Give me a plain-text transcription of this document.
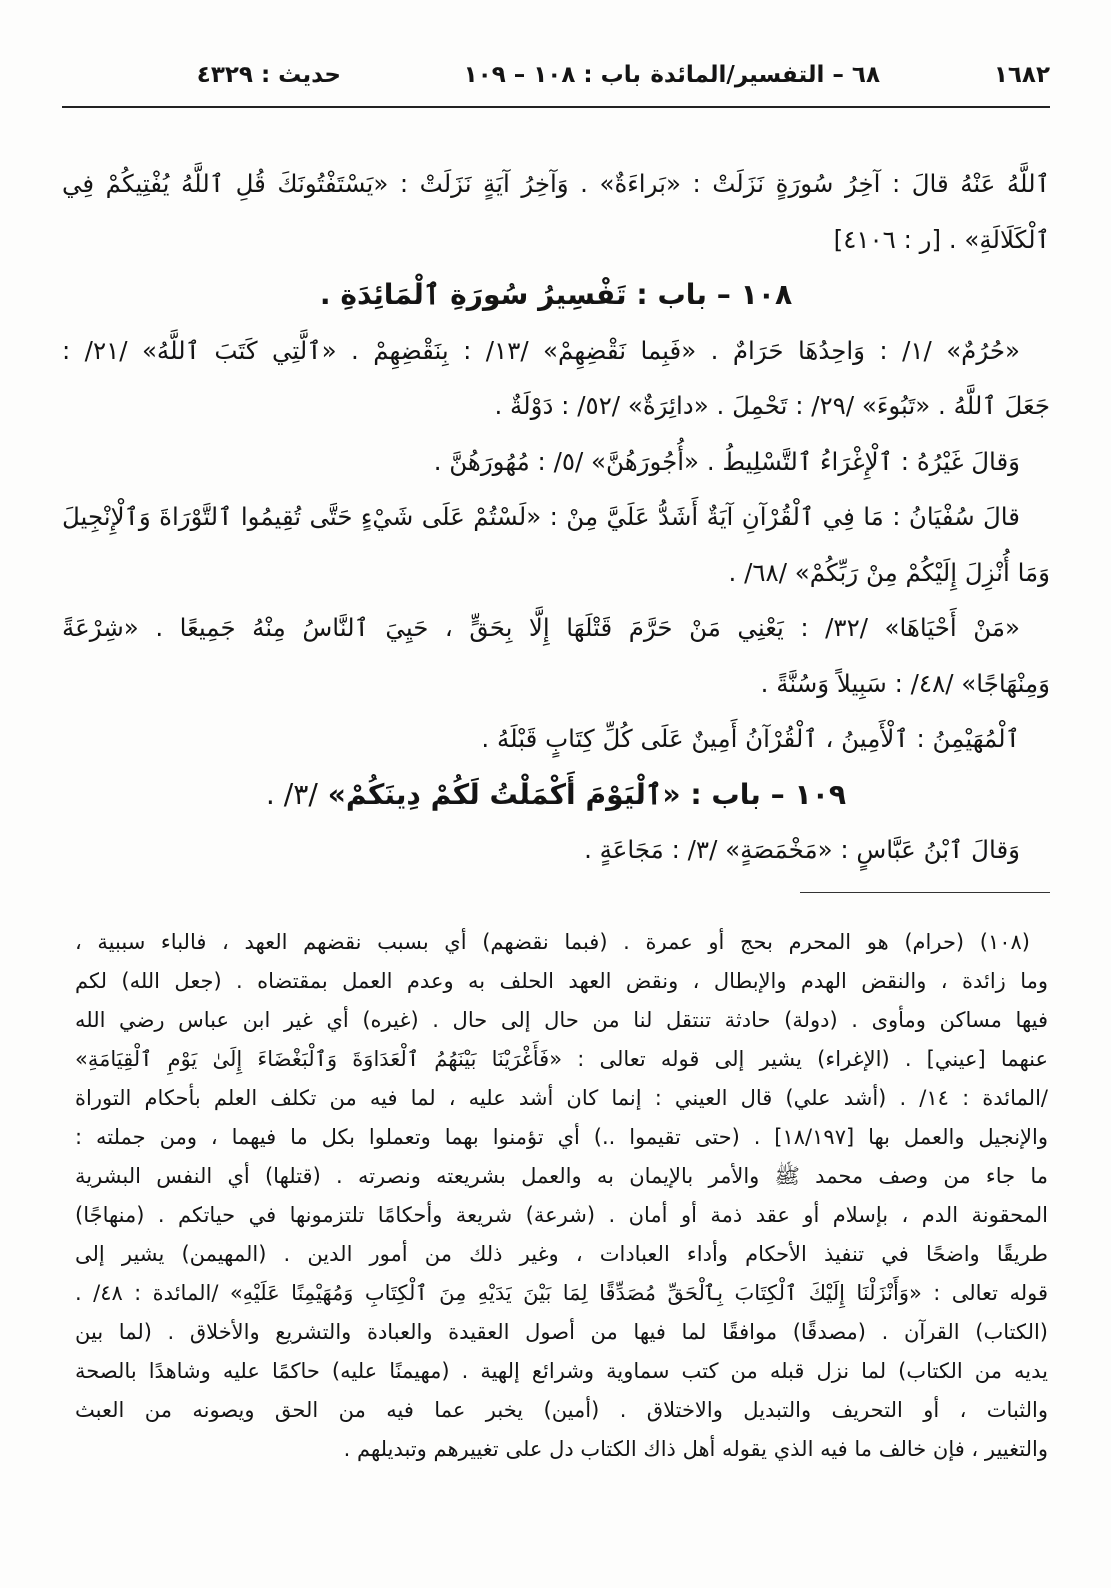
١٦٨٢
٦٨ – التفسير/المائدة
باب : ١٠٨ – ١٠٩
حديث : ٤٣٢٩
ٱللَّهُ عَنْهُ قالَ : آخِرُ سُورَةٍ نَزَلَتْ : «بَراءَةٌ» . وَآخِرُ آيَةٍ نَزَلَتْ : «يَسْتَفْتُونَكَ قُلِ ٱللَّهُ يُفْتِيكُمْ فِي
ٱلْكَلَالَةِ» . [ر : ٤١٠٦]
١٠٨ – باب : تَفْسِيرُ سُورَةِ ٱلْمَائِدَةِ .
«حُرُمٌ» /١/ : وَاحِدُهَا حَرَامٌ . «فَبِما نَقْضِهِمْ» /١٣/ : بِنَقْضِهِمْ . «ٱلَّتِي كَتَبَ ٱللَّهُ» /٢١/ :
جَعَلَ ٱللَّهُ . «تَبُوءَ» /٢٩/ : تَحْمِلَ . «دائِرَةٌ» /٥٢/ : دَوْلَةٌ .
وَقالَ غَيْرُهُ : ٱلْإِغْرَاءُ ٱلتَّسْلِيطُ . «أُجُورَهُنَّ» /٥/ : مُهُورَهُنَّ .
قالَ سُفْيَانُ : مَا فِي ٱلْقُرْآنِ آيَةٌ أَشَدُّ عَلَيَّ مِنْ : «لَسْتُمْ عَلَى شَيْءٍ حَتَّى تُقِيمُوا ٱلتَّوْرَاةَ وَٱلْإِنْجِيلَ
وَمَا أُنْزِلَ إِلَيْكُمْ مِنْ رَبِّكُمْ» /٦٨/ .
«مَنْ أَحْيَاهَا» /٣٢/ : يَعْنِي مَنْ حَرَّمَ قَتْلَهَا إِلَّا بِحَقٍّ ، حَيِيَ ٱلنَّاسُ مِنْهُ جَمِيعًا . «شِرْعَةً
وَمِنْهَاجًا» /٤٨/ : سَبِيلاً وَسُنَّةً .
ٱلْمُهَيْمِنُ : ٱلْأَمِينُ ، ٱلْقُرْآنُ أَمِينٌ عَلَى كُلِّ كِتَابٍ قَبْلَهُ .
١٠٩ – باب : «ٱلْيَوْمَ أَكْمَلْتُ لَكُمْ دِينَكُمْ» /٣/ .
وَقالَ ٱبْنُ عَبَّاسٍ : «مَخْمَصَةٍ» /٣/ : مَجَاعَةٍ .
(١٠٨) (حرام) هو المحرم بحج أو عمرة . (فبما نقضهم) أي بسبب نقضهم العهد ، فالباء سببية ،
وما زائدة ، والنقض الهدم والإبطال ، ونقض العهد الحلف به وعدم العمل بمقتضاه . (جعل الله) لكم
فيها مساكن ومأوى . (دولة) حادثة تنتقل لنا من حال إلى حال . (غيره) أي غير ابن عباس رضي الله
عنهما [عيني] . (الإغراء) يشير إلى قوله تعالى : «فَأَغْرَيْنَا بَيْنَهُمُ ٱلْعَدَاوَةَ وَٱلْبَغْضَاءَ إِلَىٰ يَوْمِ ٱلْقِيَامَةِ»
/المائدة : ١٤/ . (أشد علي) قال العيني : إنما كان أشد عليه ، لما فيه من تكلف العلم بأحكام التوراة
والإنجيل والعمل بها [١٨/١٩٧] . (حتى تقيموا ..) أي تؤمنوا بهما وتعملوا بكل ما فيهما ، ومن جملته :
ما جاء من وصف محمد ﷺ والأمر بالإيمان به والعمل بشريعته ونصرته . (قتلها) أي النفس البشرية
المحقونة الدم ، بإسلام أو عقد ذمة أو أمان . (شرعة) شريعة وأحكامًا تلتزمونها في حياتكم . (منهاجًا)
طريقًا واضحًا في تنفيذ الأحكام وأداء العبادات ، وغير ذلك من أمور الدين . (المهيمن) يشير إلى
قوله تعالى : «وَأَنْزَلْنَا إِلَيْكَ ٱلْكِتَابَ بِٱلْحَقِّ مُصَدِّقًا لِمَا بَيْنَ يَدَيْهِ مِنَ ٱلْكِتَابِ وَمُهَيْمِنًا عَلَيْهِ» /المائدة : ٤٨/ .
(الكتاب) القرآن . (مصدقًا) موافقًا لما فيها من أصول العقيدة والعبادة والتشريع والأخلاق . (لما بين
يديه من الكتاب) لما نزل قبله من كتب سماوية وشرائع إلهية . (مهيمنًا عليه) حاكمًا عليه وشاهدًا بالصحة
والثبات ، أو التحريف والتبديل والاختلاق . (أمين) يخبر عما فيه من الحق ويصونه من العبث
والتغيير ، فإن خالف ما فيه الذي يقوله أهل ذاك الكتاب دل على تغييرهم وتبديلهم .
